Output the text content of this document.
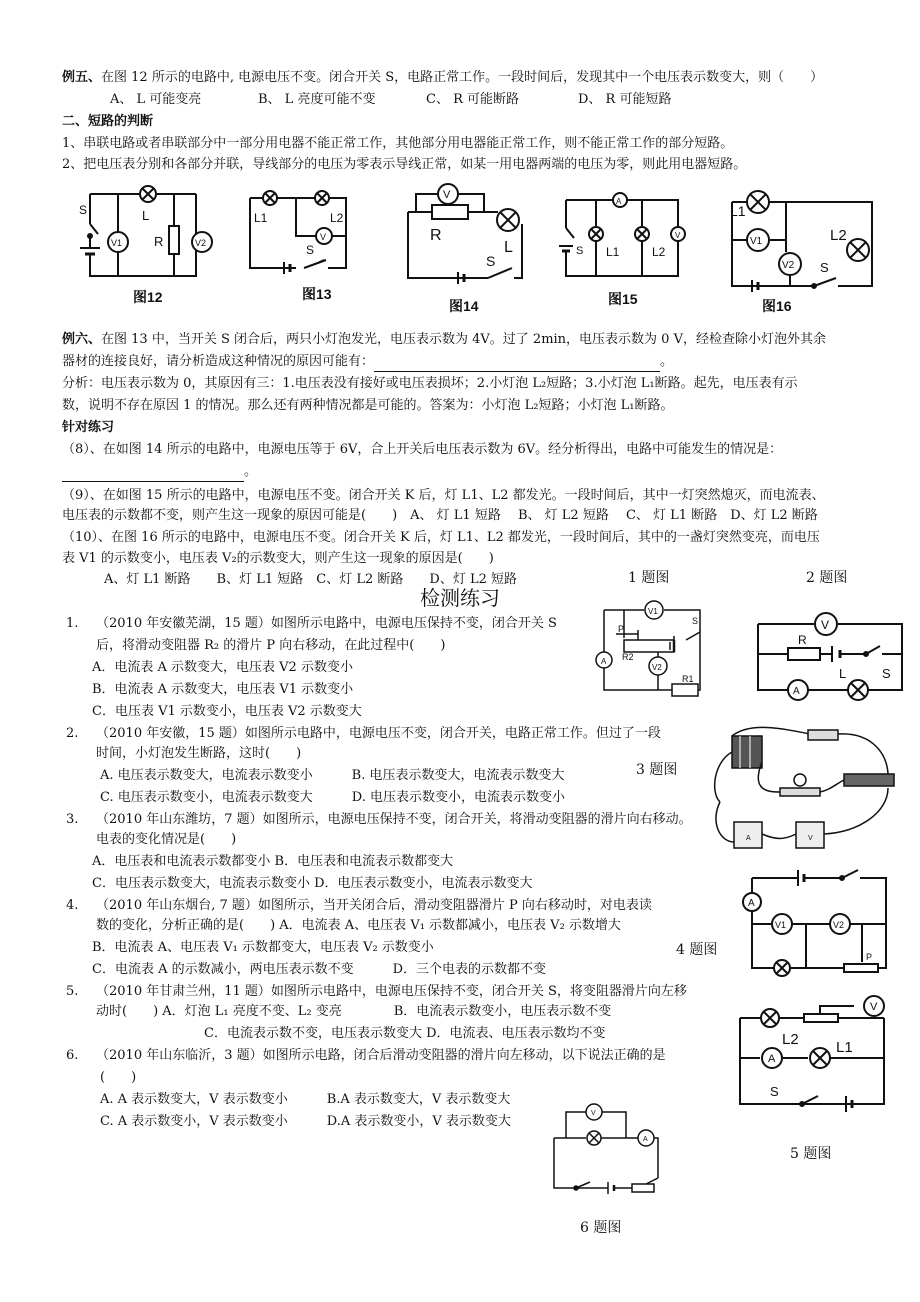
例五、在图 12 所示的电路中, 电源电压不变。闭合开关 S，电路正常工作。一段时间后，发现其中一个电压表示数变大，则（　　）
A、 L 可能变亮	B、 L 亮度可能不变	C、 R 可能断路	D、 R 可能短路
二、短路的判断
1、串联电路或者串联部分中一部分用电器不能正常工作，其他部分用电器能正常工作，则不能正常工作的部分短路。
2、把电压表分别和各部分并联，导线部分的电压为零表示导线正常，如某一用电器两端的电压为零，则此用电器短路。
S	L
R
V1	V2
图12
L1	L2
V
S
图13
V
R
L
S
图14
A
V
L1	L2
S
图15
L1
V1
V2
L2
S
图16
例六、在图 13 中，当开关 S 闭合后，两只小灯泡发光，电压表示数为 4V。过了 2min，电压表示数为 0 V，经检查除小灯泡外其余
器材的连接良好，请分析造成这种情况的原因可能有：	。
分析：电压表示数为 0，其原因有三：1.电压表没有接好或电压表损坏；2.小灯泡 L₂短路；3.小灯泡 L₁断路。起先，电压表有示
数，说明不存在原因 1 的情况。那么还有两种情况都是可能的。答案为：小灯泡 L₂短路；小灯泡 L₁断路。
针对练习
（8）、在如图 14 所示的电路中，电源电压等于 6V，合上开关后电压表示数为 6V。经分析得出，电路中可能发生的情况是：
。
（9）、在如图 15 所示的电路中，电源电压不变。闭合开关 K 后，灯 L1、L2 都发光。一段时间后，其中一灯突然熄灭，而电流表、
电压表的示数都不变，则产生这一现象的原因可能是(　　)　A、 灯 L1 短路　 B、 灯 L2 短路　 C、 灯 L1 断路　D、灯 L2 断路
（10）、在图 16 所示的电路中，电源电压不变。闭合开关 K 后，灯 L1、L2 都发光，一段时间后，其中的一盏灯突然变亮，而电压
表 V1 的示数变小，电压表 V₂的示数变大，则产生这一现象的原因是(　　)
A、灯 L1 断路　　B、灯 L1 短路　C、灯 L2 断路　　D、灯 L2 短路	1 题图	2 题图
检测练习
1. （2010 年安徽芜湖，15 题）如图所示电路中，电源电压保持不变，闭合开关 S
后，将滑动变阻器 R₂ 的滑片 P 向右移动，在此过程中(　　)
A．电流表 A 示数变大，电压表 V2 示数变小
B．电流表 A 示数变大，电压表 V1 示数变小
C．电压表 V1 示数变小，电压表 V2 示数变大
2. （2010 年安徽，15 题）如图所示电路中，电源电压不变，闭合开关，电路正常工作。但过了一段
时间，小灯泡发生断路，这时(　　)
A. 电压表示数变大，电流表示数变小　　　B. 电压表示数变大，电流表示数变大
C. 电压表示数变小，电流表示数变大　　　D. 电压表示数变小，电流表示数变小
3 题图
3. （2010 年山东潍坊，7 题）如图所示，电源电压保持不变，闭合开关，将滑动变阻器的滑片向右移动。
电表的变化情况是(　　)
A．电压表和电流表示数都变小 B．电压表和电流表示数都变大
C．电压表示数变大，电流表示数变小 D．电压表示数变小，电流表示数变大
4. （2010 年山东烟台, 7 题）如图所示，当开关闭合后，滑动变阻器滑片 P 向右移动时，对电表读
数的变化，分析正确的是(　　) A．电流表 A、电压表 V₁ 示数都减小，电压表 V₂ 示数增大
B．电流表 A、电压表 V₁ 示数都变大，电压表 V₂ 示数变小
C．电流表 A 的示数减小，两电压表示数不变　　　D．三个电表的示数都不变
4 题图
5. （2010 年甘肃兰州，11 题）如图所示电路中，电源电压保持不变，闭合开关 S，将变阻器滑片向左移
动时(　　) A．灯泡 L₁ 亮度不变、L₂ 变亮　　　　B．电流表示数变小，电压表示数不变
C．电流表示数不变，电压表示数变大 D．电流表、电压表示数均不变
6. （2010 年山东临沂，3 题）如图所示电路，闭合后滑动变阻器的滑片向左移动，以下说法正确的是
(　　)
A. A 表示数变大，V 表示数变小　　　B.A 表示数变大，V 表示数变大
C. A 表示数变小，V 表示数变小　　　D.A 表示数变小，V 表示数变大
5 题图
6 题图
V1
P
R2
A
V2
S
R1
V
R
L	S
A
A	V
A
V1	V2
P
V
L2 L1
A
S
V
A
